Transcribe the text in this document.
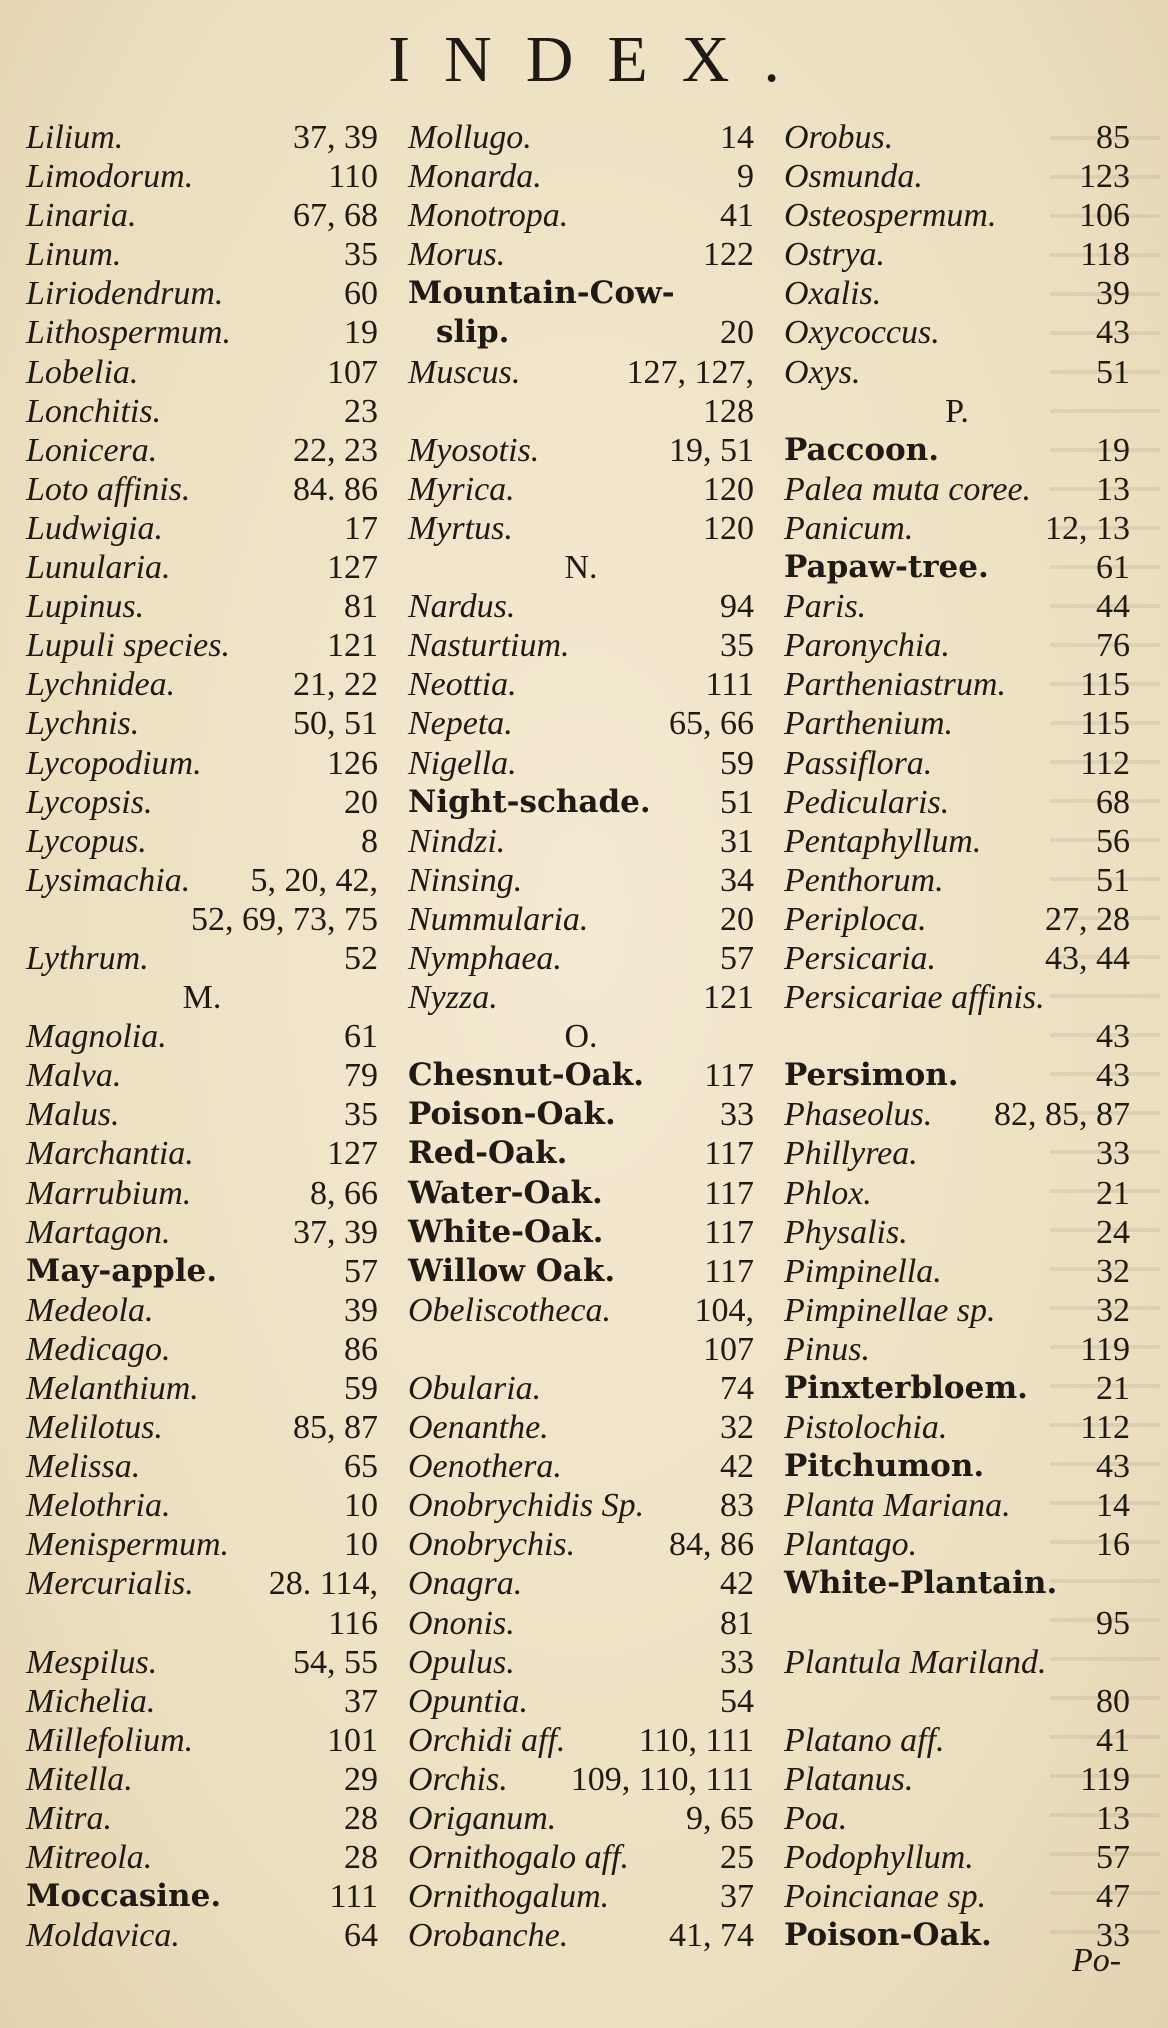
INDEX.
Lilium.	37, 39
Limodorum.	110
Linaria.	67, 68
Linum.	35
Liriodendrum.	60
Lithospermum.	19
Lobelia.	107
Lonchitis.	23
Lonicera.	22, 23
Loto affinis.	84. 86
Ludwigia.	17
Lunularia.	127
Lupinus.	81
Lupuli species.	121
Lychnidea.	21, 22
Lychnis.	50, 51
Lycopodium.	126
Lycopsis.	20
Lycopus.	8
Lysimachia. 5, 20, 42,
52, 69, 73, 75
Lythrum.	52
M.
Magnolia.	61
Malva.	79
Malus.	35
Marchantia.	127
Marrubium.	8, 66
Martagon.	37, 39
May-apple.	57
Medeola.	39
Medicago.	86
Melanthium.	59
Melilotus.	85, 87
Melissa.	65
Melothria.	10
Menispermum.	10
Mercurialis. 28. 114,
116
Mespilus.	54, 55
Michelia.	37
Millefolium.	101
Mitella.	29
Mitra.	28
Mitreola.	28
Moccasine.	111
Moldavica.	64
Mollugo.	14
Monarda.	9
Monotropa.	41
Morus.	122
Mountain-Cow-
slip.	20
Muscus.	127, 127,
128
Myosotis.	19, 51
Myrica.	120
Myrtus.	120
N.
Nardus.	94
Nasturtium.	35
Neottia.	111
Nepeta.	65, 66
Nigella.	59
Night-schade. 51
Nindzi.	31
Ninsing.	34
Nummularia.	20
Nymphaea.	57
Nyzza.	121
O.
Chesnut-Oak. 117
Poison-Oak.	33
Red-Oak.	117
Water-Oak.	117
White-Oak.	117
Willow Oak.	117
Obeliscotheca. 104,
107
Obularia.	74
Oenanthe.	32
Oenothera.	42
Onobrychidis Sp. 83
Onobrychis.	84, 86
Onagra.	42
Ononis.	81
Opulus.	33
Opuntia.	54
Orchidi aff. 110, 111
Orchis. 109, 110, 111
Origanum.	9, 65
Ornithogalo aff.	25
Ornithogalum.	37
Orobanche.	41, 74
Orobus.	85
Osmunda.	123
Osteospermum. 106
Ostrya.	118
Oxalis.	39
Oxycoccus.	43
Oxys.	51
P.
Paccoon.	19
Palea muta coree. 13
Panicum.	12, 13
Papaw-tree.	61
Paris.	44
Paronychia.	76
Partheniastrum. 115
Parthenium.	115
Passiflora.	112
Pedicularis.	68
Pentaphyllum.	56
Penthorum.	51
Periploca.	27, 28
Persicaria.	43, 44
Persicariae affinis.
43
Persimon.	43
Phaseolus. 82, 85, 87
Phillyrea.	33
Phlox.	21
Physalis.	24
Pimpinella.	32
Pimpinellae sp.	32
Pinus.	119
Pinxterbloem. 21
Pistolochia.	112
Pitchumon.	43
Planta Mariana.	14
Plantago.	16
White-Plantain.
95
Plantula Mariland.
80
Platano aff.	41
Platanus.	119
Poa.	13
Podophyllum.	57
Poincianae sp.	47
Poison-Oak.	33
Po-
